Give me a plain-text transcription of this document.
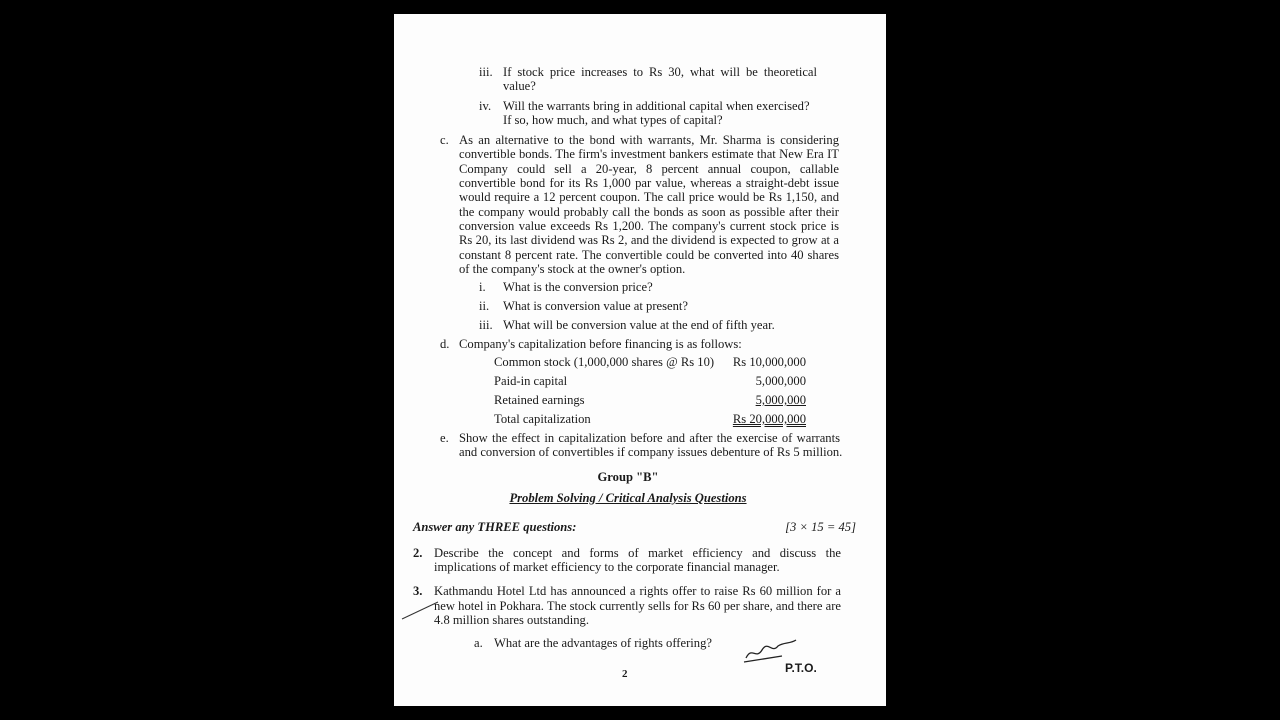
iii. If stock price increases to Rs 30, what will be theoretical
value?
iv. Will the warrants bring in additional capital when exercised?
If so, how much, and what types of capital?
c. As an alternative to the bond with warrants, Mr. Sharma is considering
convertible bonds. The firm's investment bankers estimate that New Era IT
Company could sell a 20-year, 8 percent annual coupon, callable
convertible bond for its Rs 1,000 par value, whereas a straight-debt issue
would require a 12 percent coupon. The call price would be Rs 1,150, and
the company would probably call the bonds as soon as possible after their
conversion value exceeds Rs 1,200. The company's current stock price is
Rs 20, its last dividend was Rs 2, and the dividend is expected to grow at a
constant 8 percent rate. The convertible could be converted into 40 shares
of the company's stock at the owner's option.
i. What is the conversion price?
ii. What is conversion value at present?
iii. What will be conversion value at the end of fifth year.
d. Company's capitalization before financing is as follows:
Common stock (1,000,000 shares @ Rs 10)	Rs 10,000,000
Paid-in capital	5,000,000
Retained earnings	5,000,000
Total capitalization	Rs 20,000,000
e. Show the effect in capitalization before and after the exercise of warrants
and conversion of convertibles if company issues debenture of Rs 5 million.
Group "B"
Problem Solving / Critical Analysis Questions
Answer any THREE questions:	[3 × 15 = 45]
2. Describe the concept and forms of market efficiency and discuss the
implications of market efficiency to the corporate financial manager.
3. Kathmandu Hotel Ltd has announced a rights offer to raise Rs 60 million for a
new hotel in Pokhara. The stock currently sells for Rs 60 per share, and there are
4.8 million shares outstanding.
a. What are the advantages of rights offering?
2	P.T.O.
